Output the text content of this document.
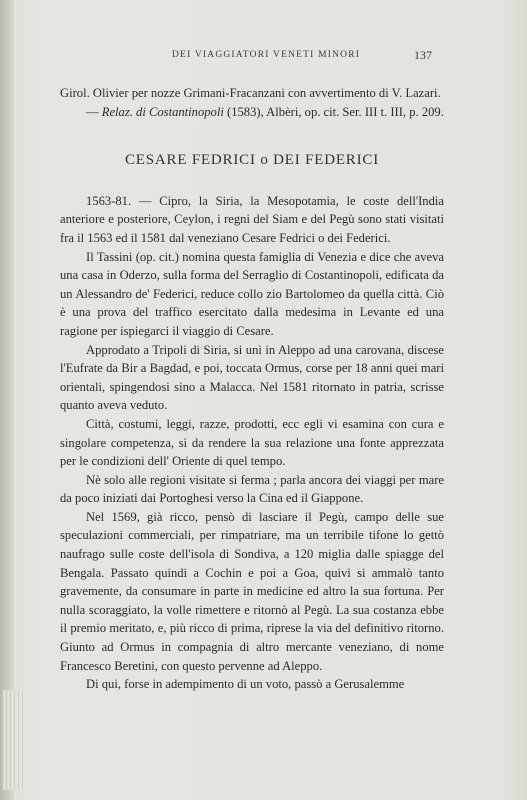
DEI VIAGGIATORI VENETI MINORI	137

Girol. Olivier per nozze Grimani-Fracanzani con avvertimento di V. Lazari.

— Relaz. di Costantinopoli (1583), Albèri, op. cit. Ser. III t. III, p. 209.

CESARE FEDRICI o DEI FEDERICI

1563-81. — Cipro, la Siria, la Mesopotamia, le coste dell'India anteriore e posteriore, Ceylon, i regni del Siam e del Pegù sono stati visitati fra il 1563 ed il 1581 dal veneziano Cesare Fedrici o dei Federici.

Il Tassini (op. cit.) nomina questa famiglia di Venezia e dice che aveva una casa in Oderzo, sulla forma del Serraglio di Costantinopoli, edificata da un Alessandro de' Federici, reduce collo zio Bartolomeo da quella città. Ciò è una prova del traffico esercitato dalla medesima in Levante ed una ragione per ispiegarci il viaggio di Cesare.

Approdato a Tripoli di Siria, si unì in Aleppo ad una carovana, discese l'Eufrate da Bir a Bagdad, e poi, toccata Ormus, corse per 18 anni quei mari orientali, spingendosi sino a Malacca. Nel 1581 ritornato in patria, scrisse quanto aveva veduto.

Città, costumi, leggi, razze, prodotti, ecc egli vi esamina con cura e singolare competenza, sì da rendere la sua relazione una fonte apprezzata per le condizioni dell' Oriente di quel tempo.

Nè solo alle regioni visitate si ferma ; parla ancora dei viaggi per mare da poco iniziati dai Portoghesi verso la Cina ed il Giappone.

Nel 1569, già ricco, pensò di lasciare il Pegù, campo delle sue speculazioni commerciali, per rimpatriare, ma un terribile tifone lo gettò naufrago sulle coste dell'isola di Sondiva, a 120 miglia dalle spiagge del Bengala. Passato quindi a Cochin e poi a Goa, quivi si ammalò tanto gravemente, da consumare in parte in medicine ed altro la sua fortuna. Per nulla scoraggiato, la volle rimettere e ritornò al Pegù. La sua costanza ebbe il premio meritato, e, più ricco di prima, riprese la via del definitivo ritorno. Giunto ad Ormus in compagnia di altro mercante veneziano, di nome Francesco Beretini, con questo pervenne ad Aleppo.

Di qui, forse in adempimento di un voto, passò a Gerusalemme
